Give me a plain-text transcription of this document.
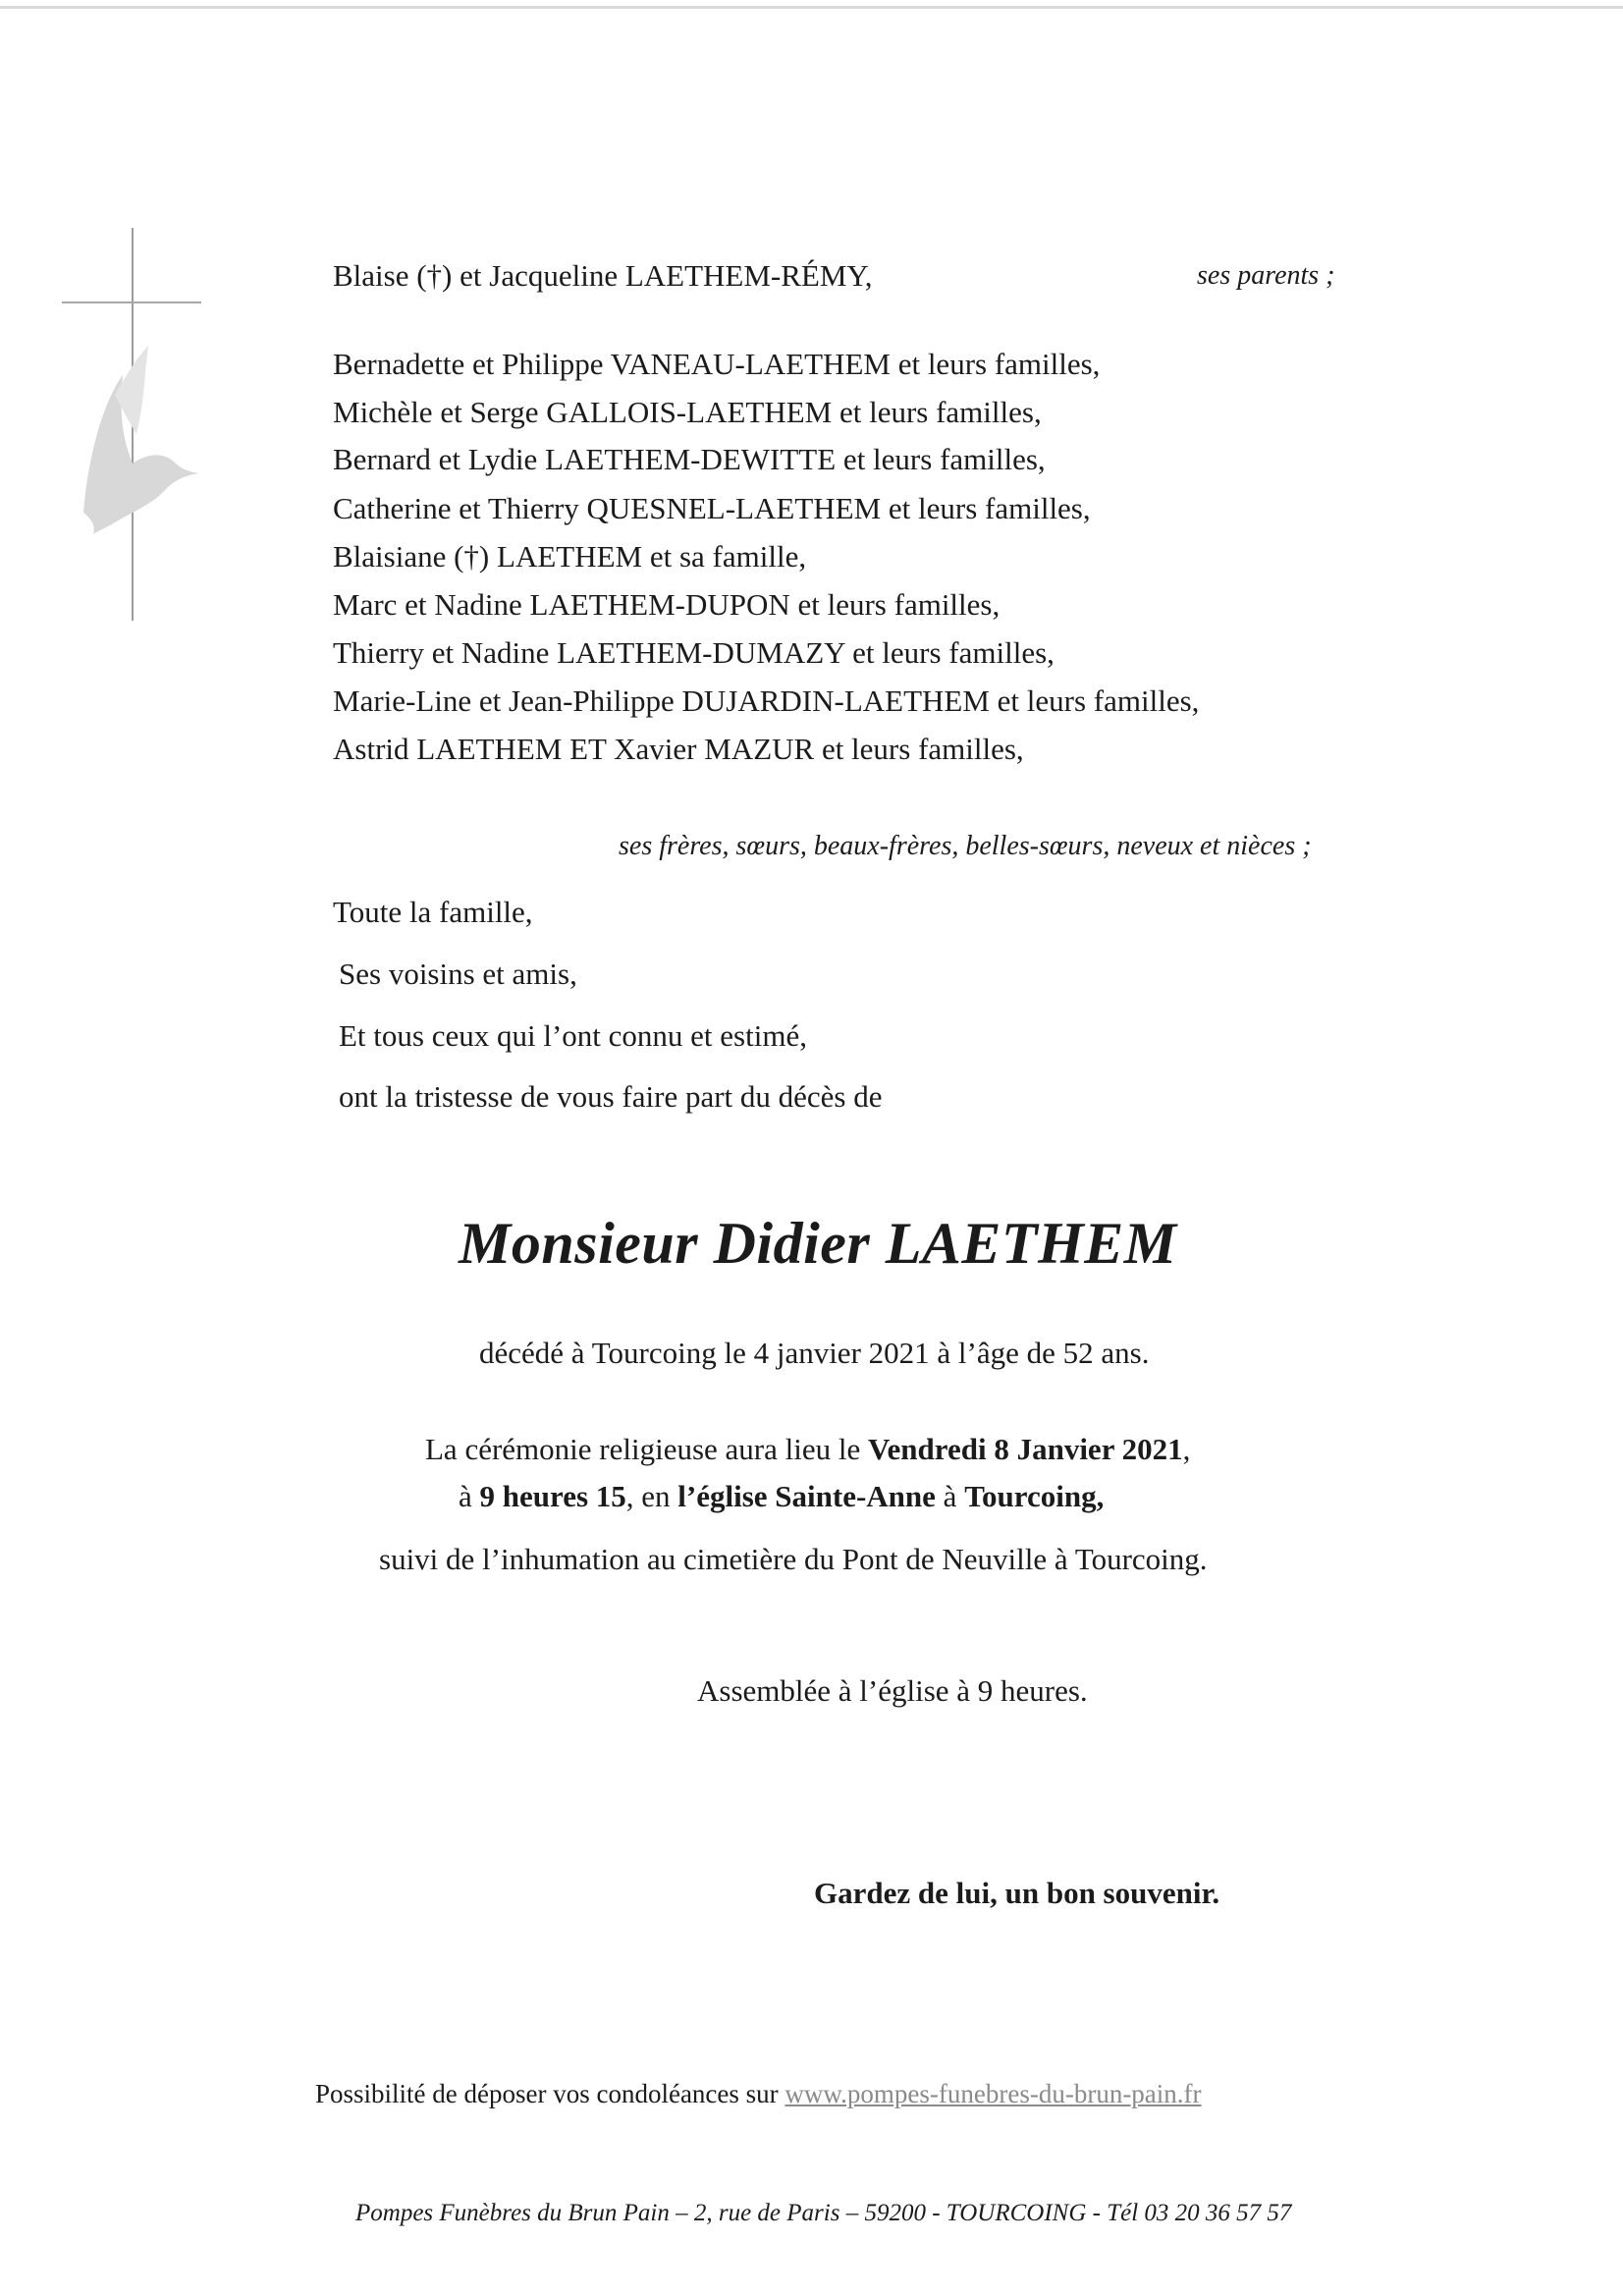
Blaise (†) et Jacqueline LAETHEM-RÉMY,	ses parents ;
Bernadette et Philippe VANEAU-LAETHEM et leurs familles,
Michèle et Serge GALLOIS-LAETHEM et leurs familles,
Bernard et Lydie LAETHEM-DEWITTE et leurs familles,
Catherine et Thierry QUESNEL-LAETHEM et leurs familles,
Blaisiane (†) LAETHEM et sa famille,
Marc et Nadine LAETHEM-DUPON et leurs familles,
Thierry et Nadine LAETHEM-DUMAZY et leurs familles,
Marie-Line et Jean-Philippe DUJARDIN-LAETHEM et leurs familles,
Astrid LAETHEM ET Xavier MAZUR et leurs familles,
ses frères, sœurs, beaux-frères, belles-sœurs, neveux et nièces ;
Toute la famille,
Ses voisins et amis,
Et tous ceux qui l’ont connu et estimé,
ont la tristesse de vous faire part du décès de
Monsieur Didier LAETHEM
décédé à Tourcoing le 4 janvier 2021 à l’âge de 52 ans.
La cérémonie religieuse aura lieu le Vendredi 8 Janvier 2021,
à 9 heures 15, en l’église Sainte-Anne à Tourcoing,
suivi de l’inhumation au cimetière du Pont de Neuville à Tourcoing.
Assemblée à l’église à 9 heures.
Gardez de lui, un bon souvenir.
Possibilité de déposer vos condoléances sur www.pompes-funebres-du-brun-pain.fr
Pompes Funèbres du Brun Pain – 2, rue de Paris – 59200 - TOURCOING - Tél 03 20 36 57 57
